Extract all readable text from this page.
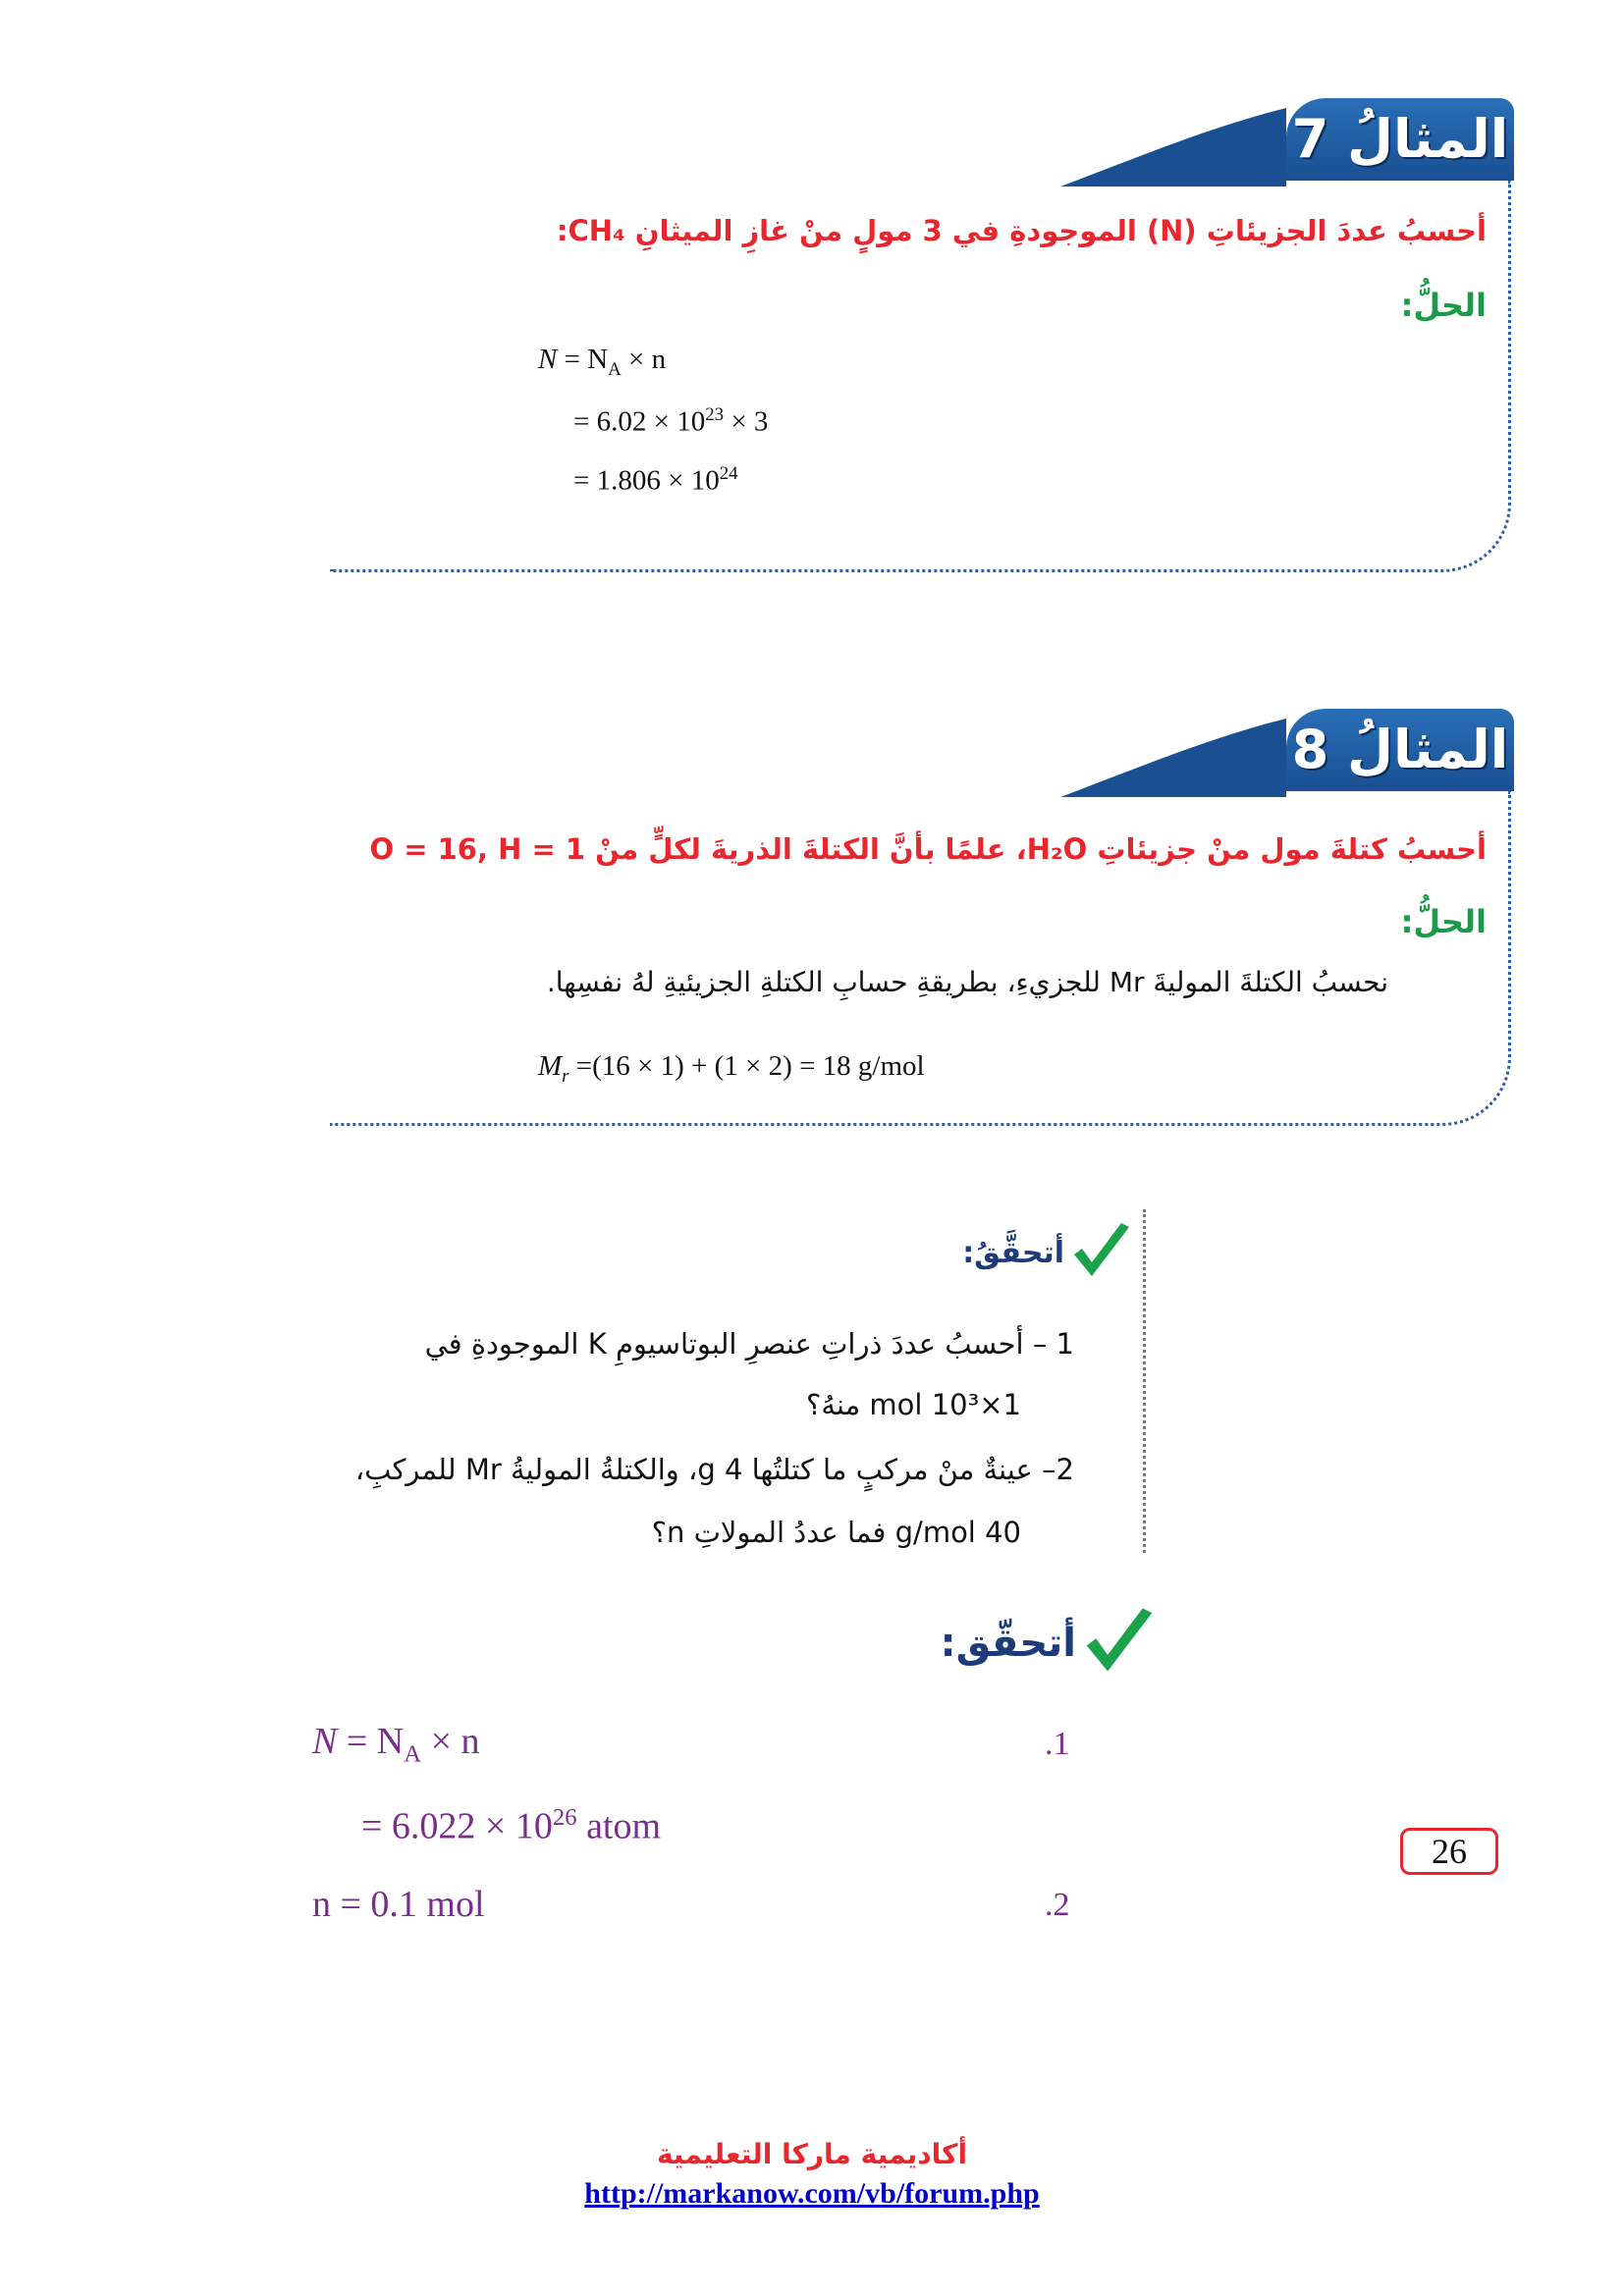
المثالُ 7
أحسبُ عددَ الجزيئاتِ (N) الموجودةِ في 3 مولٍ منْ غازِ الميثانِ CH₄:
الحلُّ:
$N = N_A \times n$
= $6.02 \times 10^{23} \times 3$
= $1.806 \times 10^{24}$
المثالُ 8
أحسبُ كتلةَ مول منْ جزيئاتِ H₂O، علمًا بأنَّ الكتلةَ الذريةَ لكلٍّ منْ O = 16, H = 1
الحلُّ:
نحسبُ الكتلةَ الموليةَ Mr للجزيءِ، بطريقةِ حسابِ الكتلةِ الجزيئيةِ لهُ نفسِها.
$M_r =(16 \times 1) + (1 \times 2) = 18$ g/mol
أتحقَّقُ:
1 – أحسبُ عددَ ذراتِ عنصرِ البوتاسيومِ K الموجودةِ في
1×10³ mol منهُ؟
2– عينةٌ منْ مركبٍ ما كتلتُها 4 g، والكتلةُ الموليةُ Mr للمركبِ،
40 g/mol فما عددُ المولاتِ n؟
أتحقّق:
$N = N_A \times n$	.1
= $6.022 \times 10^{26}$ atom
n = 0.1 mol	.2
26
أكاديمية ماركا التعليمية
http://markanow.com/vb/forum.php
